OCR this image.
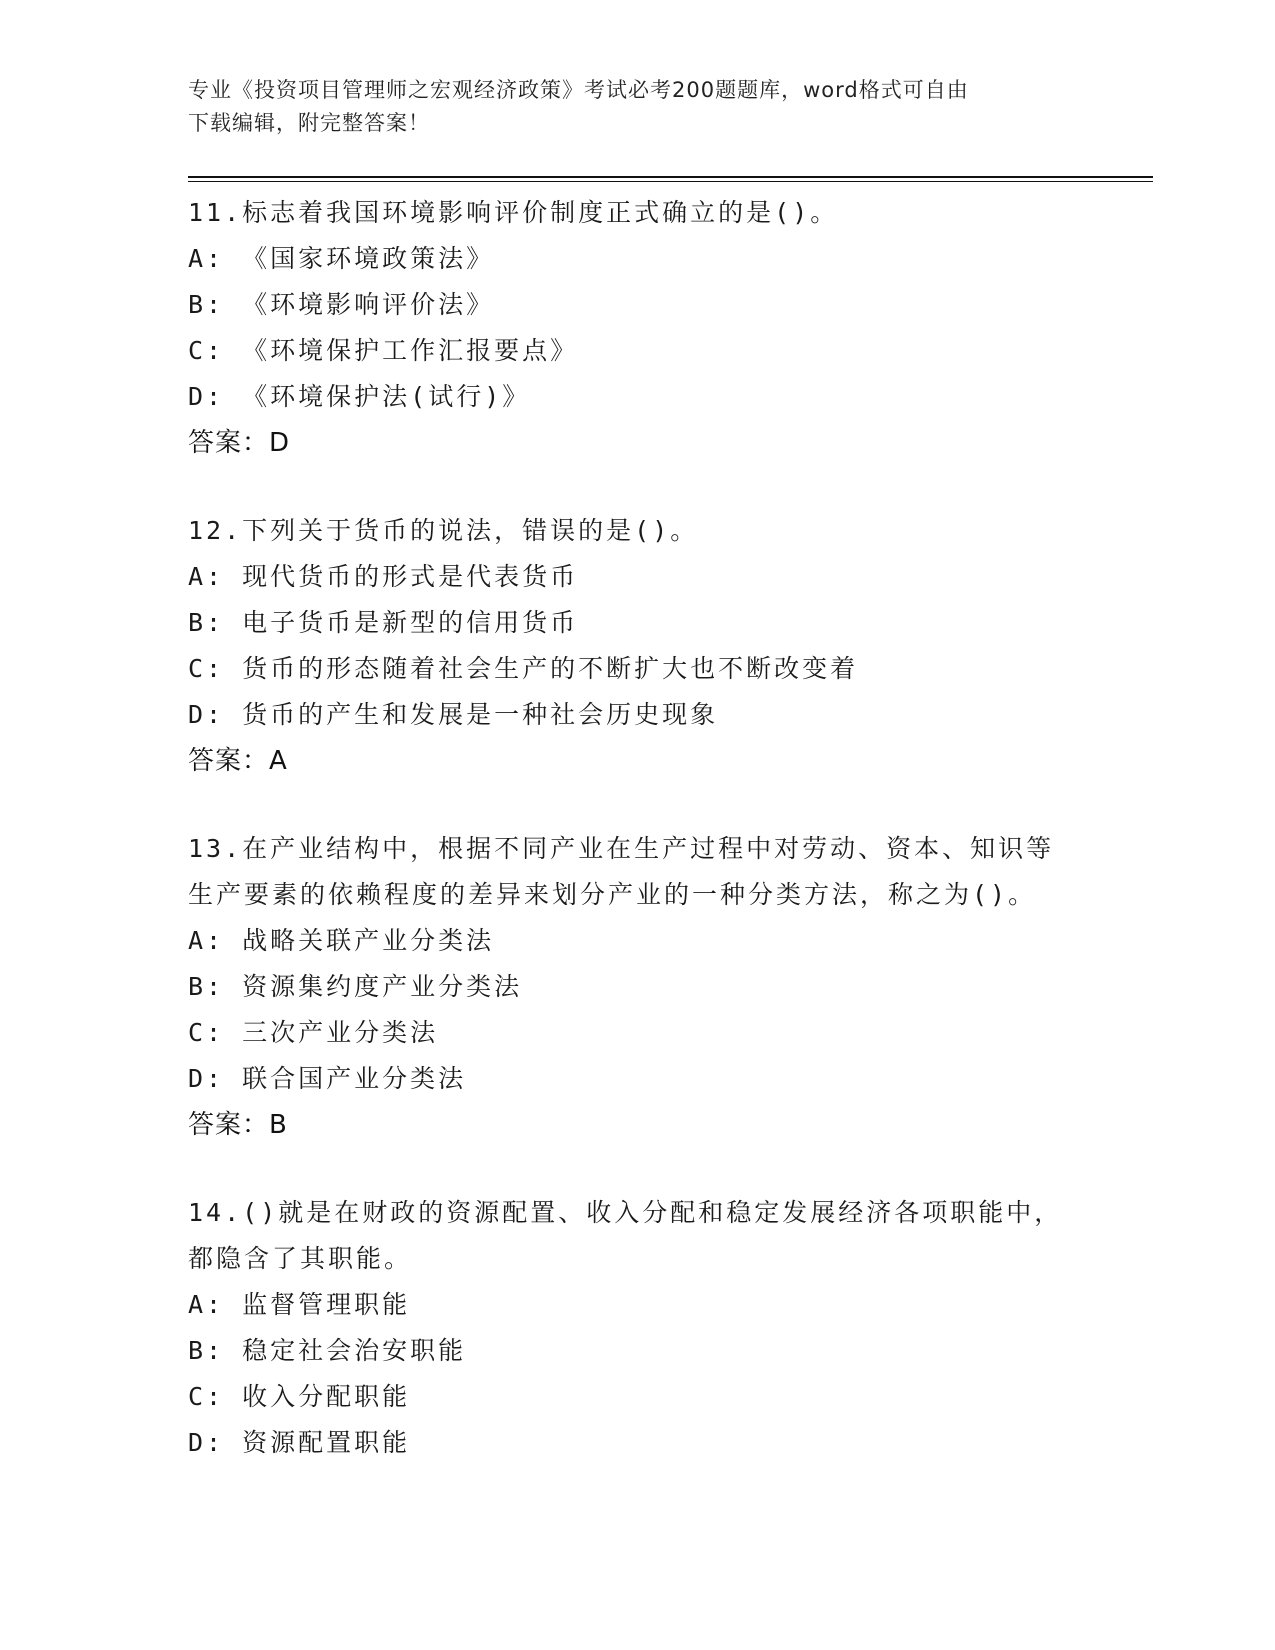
专业《投资项目管理师之宏观经济政策》考试必考200题题库，word格式可自由
下载编辑，附完整答案！
11.标志着我国环境影响评价制度正式确立的是()。
A: 《国家环境政策法》
B: 《环境影响评价法》
C: 《环境保护工作汇报要点》
D: 《环境保护法(试行)》
答案：D
12.下列关于货币的说法，错误的是()。
A: 现代货币的形式是代表货币
B: 电子货币是新型的信用货币
C: 货币的形态随着社会生产的不断扩大也不断改变着
D: 货币的产生和发展是一种社会历史现象
答案：A
13.在产业结构中，根据不同产业在生产过程中对劳动、资本、知识等
生产要素的依赖程度的差异来划分产业的一种分类方法，称之为()。
A: 战略关联产业分类法
B: 资源集约度产业分类法
C: 三次产业分类法
D: 联合国产业分类法
答案：B
14.()就是在财政的资源配置、收入分配和稳定发展经济各项职能中，
都隐含了其职能。
A: 监督管理职能
B: 稳定社会治安职能
C: 收入分配职能
D: 资源配置职能
